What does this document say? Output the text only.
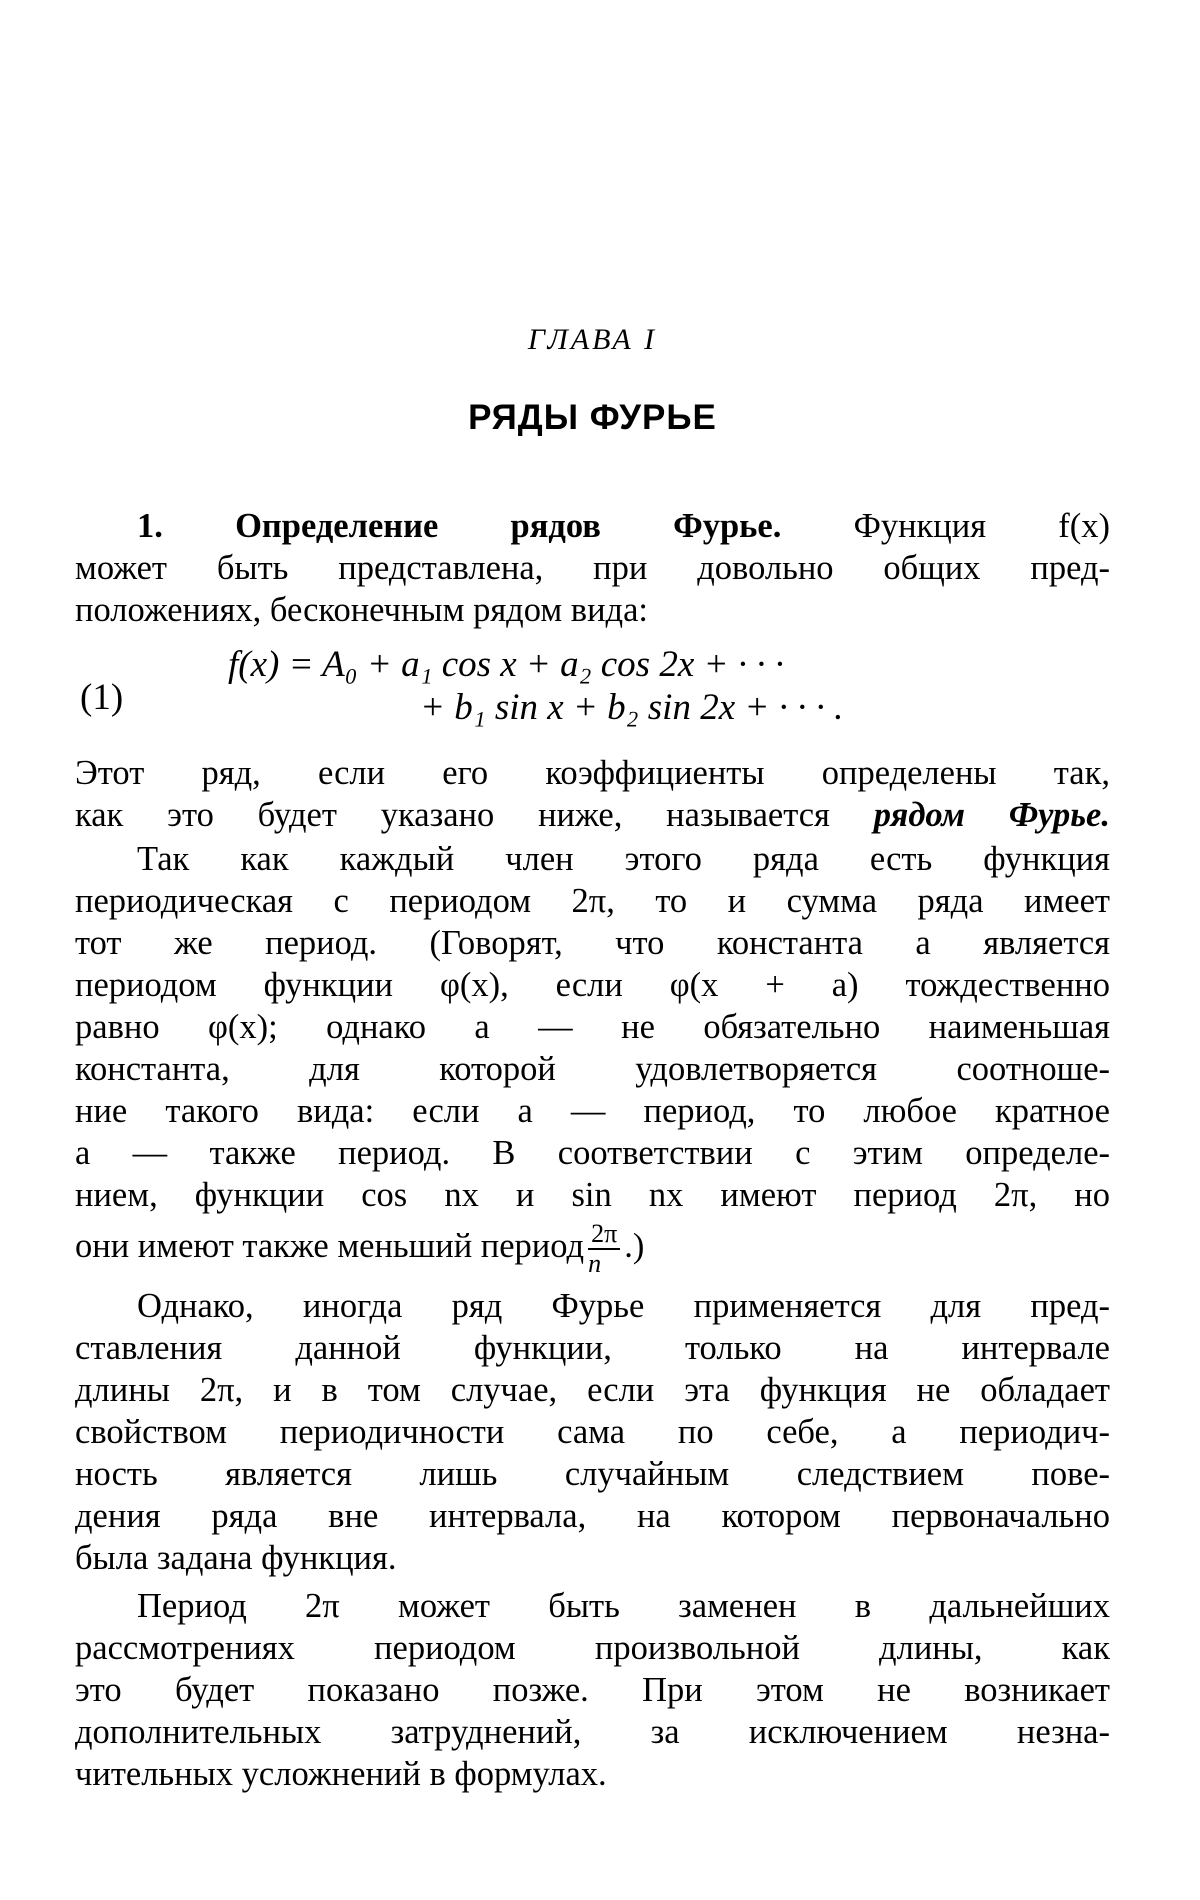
ГЛАВА I
РЯДЫ ФУРЬЕ
1. Определение рядов Фурье. Функция f(x)
может быть представлена, при довольно общих пред-
положениях, бесконечным рядом вида:
(1)
f(x) = A₀ + a₁ cos x + a₂ cos 2x + · · ·
+ b₁ sin x + b₂ sin 2x + · · · .
Этот ряд, если его коэффициенты определены так,
как это будет указано ниже, называется рядом Фурье.
Так как каждый член этого ряда есть функция
периодическая с периодом 2π, то и сумма ряда имеет
тот же период. (Говорят, что константа a является
периодом функции φ(x), если φ(x + a) тождественно
равно φ(x); однако a — не обязательно наименьшая
константа, для которой удовлетворяется соотноше-
ние такого вида: если a — период, то любое кратное
a — также период. В соответствии с этим определе-
нием, функции cos nx и sin nx имеют период 2π, но
они имеют также меньший период $\frac{2\pi}{n}$ .)
Однако, иногда ряд Фурье применяется для пред-
ставления данной функции, только на интервале
длины 2π, и в том случае, если эта функция не обладает
свойством периодичности сама по себе, а периодич-
ность является лишь случайным следствием пове-
дения ряда вне интервала, на котором первоначально
была задана функция.
Период 2π может быть заменен в дальнейших
рассмотрениях периодом произвольной длины, как
это будет показано позже. При этом не возникает
дополнительных затруднений, за исключением незна-
чительных усложнений в формулах.
